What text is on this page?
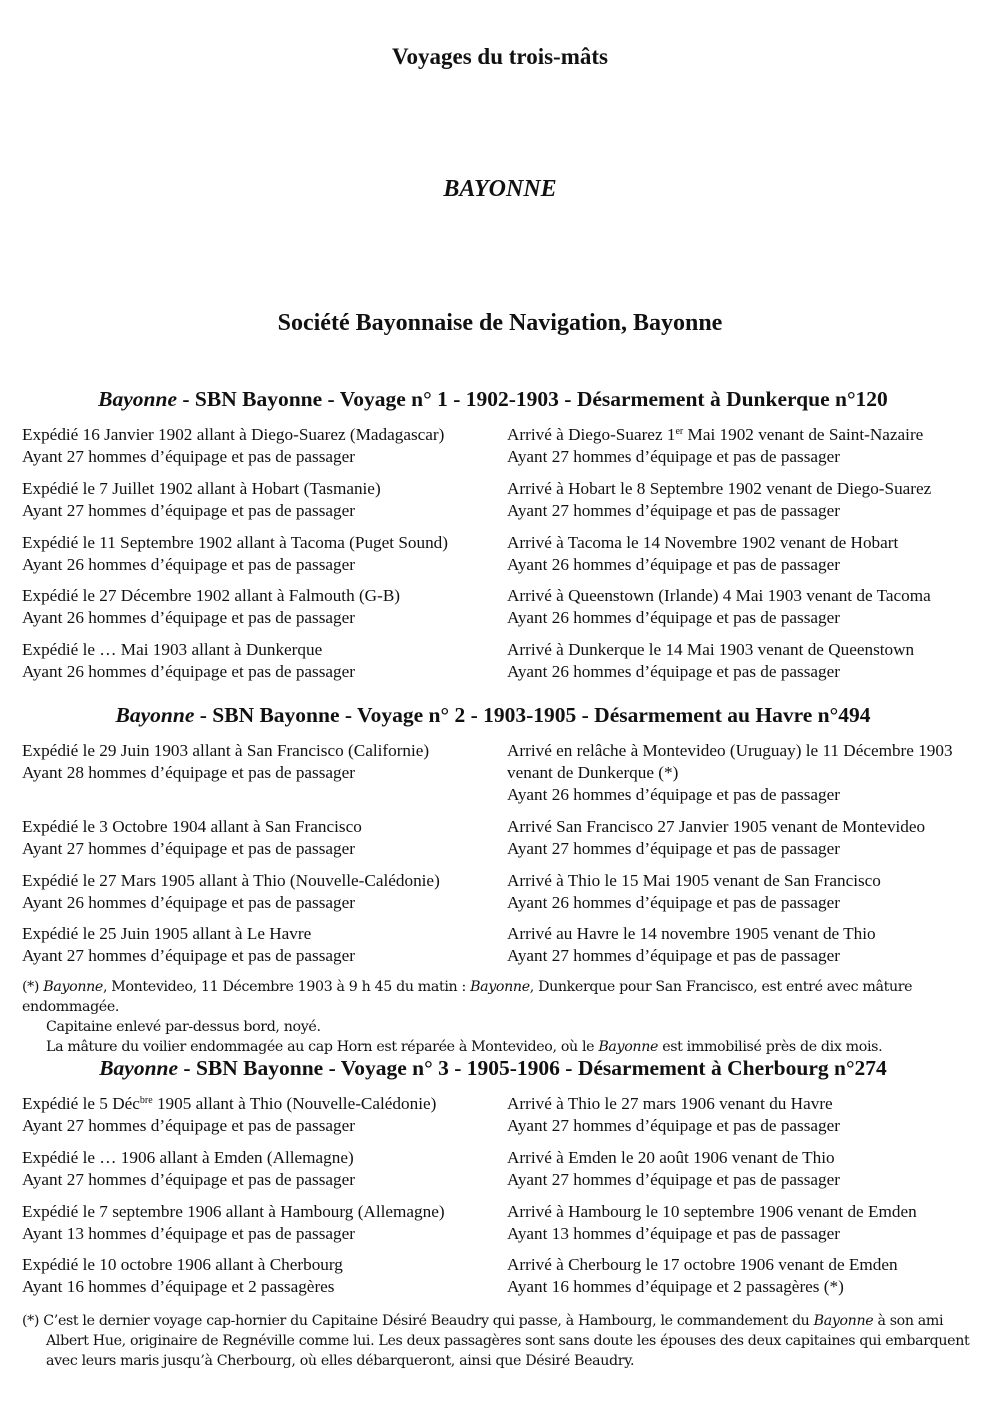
Voyages du trois-mâts
BAYONNE
Société Bayonnaise de Navigation, Bayonne
Bayonne - SBN Bayonne - Voyage n° 1 - 1902-1903 - Désarmement à Dunkerque n°120
Expédié 16 Janvier 1902 allant à Diego-Suarez (Madagascar)
Ayant 27 hommes d’équipage et pas de passager
Arrivé à Diego-Suarez 1er Mai 1902 venant de Saint-Nazaire
Ayant 27 hommes d’équipage et pas de passager
Expédié le 7 Juillet 1902 allant à Hobart (Tasmanie)
Ayant 27 hommes d’équipage et pas de passager
Arrivé à Hobart le 8 Septembre 1902 venant de Diego-Suarez
Ayant 27 hommes d’équipage et pas de passager
Expédié le 11 Septembre 1902 allant à Tacoma (Puget Sound)
Ayant 26 hommes d’équipage et pas de passager
Arrivé à Tacoma le 14 Novembre 1902 venant de Hobart
Ayant 26 hommes d’équipage et pas de passager
Expédié le 27 Décembre 1902 allant à Falmouth (G-B)
Ayant 26 hommes d’équipage et pas de passager
Arrivé à Queenstown (Irlande) 4 Mai 1903 venant de Tacoma
Ayant 26 hommes d’équipage et pas de passager
Expédié le … Mai 1903 allant à Dunkerque
Ayant 26 hommes d’équipage et pas de passager
Arrivé à Dunkerque le 14 Mai 1903 venant de Queenstown
Ayant 26 hommes d’équipage et pas de passager
Bayonne - SBN Bayonne - Voyage n° 2 - 1903-1905 - Désarmement au Havre n°494
Expédié le 29 Juin 1903 allant à San Francisco (Californie)
Ayant 28 hommes d’équipage et pas de passager
Arrivé en relâche à Montevideo (Uruguay) le 11 Décembre 1903 venant de Dunkerque (*)
Ayant 26 hommes d’équipage et pas de passager
Expédié le 3 Octobre 1904 allant à San Francisco
Ayant 27 hommes d’équipage et pas de passager
Arrivé San Francisco 27 Janvier 1905 venant de Montevideo
Ayant 27 hommes d’équipage et pas de passager
Expédié le 27 Mars 1905 allant à Thio (Nouvelle-Calédonie)
Ayant 26 hommes d’équipage et pas de passager
Arrivé à Thio le 15 Mai 1905 venant de San Francisco
Ayant 26 hommes d’équipage et pas de passager
Expédié le 25 Juin 1905 allant à Le Havre
Ayant 27 hommes d’équipage et pas de passager
Arrivé au Havre le 14 novembre 1905 venant de Thio
Ayant 27 hommes d’équipage et pas de passager
(*) Bayonne, Montevideo, 11 Décembre 1903 à 9 h 45 du matin : Bayonne, Dunkerque pour San Francisco, est entré avec mâture endommagée.
Capitaine enlevé par-dessus bord, noyé.
La mâture du voilier endommagée au cap Horn est réparée à Montevideo, où le Bayonne est immobilisé près de dix mois.
Bayonne - SBN Bayonne - Voyage n° 3 - 1905-1906 - Désarmement à Cherbourg n°274
Expédié le 5 Déc$^{bre}$ 1905 allant à Thio (Nouvelle-Calédonie)
Ayant 27 hommes d’équipage et pas de passager
Arrivé à Thio le 27 mars 1906 venant du Havre
Ayant 27 hommes d’équipage et pas de passager
Expédié le … 1906 allant à Emden (Allemagne)
Ayant 27 hommes d’équipage et pas de passager
Arrivé à Emden le 20 août 1906 venant de Thio
Ayant 27 hommes d’équipage et pas de passager
Expédié le 7 septembre 1906 allant à Hambourg (Allemagne)
Ayant 13 hommes d’équipage et pas de passager
Arrivé à Hambourg le 10 septembre 1906 venant de Emden
Ayant 13 hommes d’équipage et pas de passager
Expédié le 10 octobre 1906 allant à Cherbourg
Ayant 16 hommes d’équipage et 2 passagères
Arrivé à Cherbourg le 17 octobre 1906 venant de Emden
Ayant 16 hommes d’équipage et 2 passagères (*)
(*) C’est le dernier voyage cap-hornier du Capitaine Désiré Beaudry qui passe, à Hambourg, le commandement du Bayonne à son ami Albert Hue, originaire de Regnéville comme lui. Les deux passagères sont sans doute les épouses des deux capitaines qui embarquent avec leurs maris jusqu’à Cherbourg, où elles débarqueront, ainsi que Désiré Beaudry.
